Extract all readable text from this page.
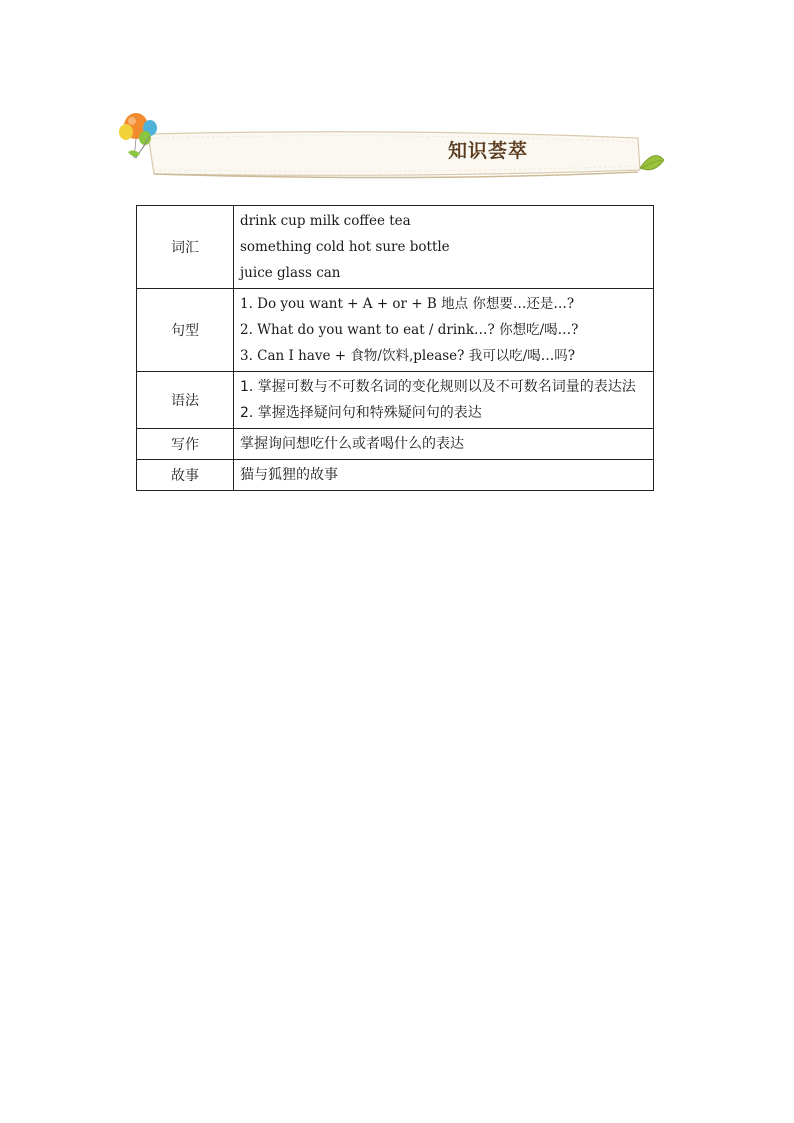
知识荟萃
词汇	drink cup milk coffee tea
something cold hot sure bottle
juice glass can

句型	1. Do you want + A + or + B 地点 你想要…还是…?
2. What do you want to eat / drink…? 你想吃/喝…?
3. Can I have + 食物/饮料,please? 我可以吃/喝…吗?

语法	1. 掌握可数与不可数名词的变化规则以及不可数名词量的表达法
2. 掌握选择疑问句和特殊疑问句的表达

写作	掌握询问想吃什么或者喝什么的表达

故事	猫与狐狸的故事
